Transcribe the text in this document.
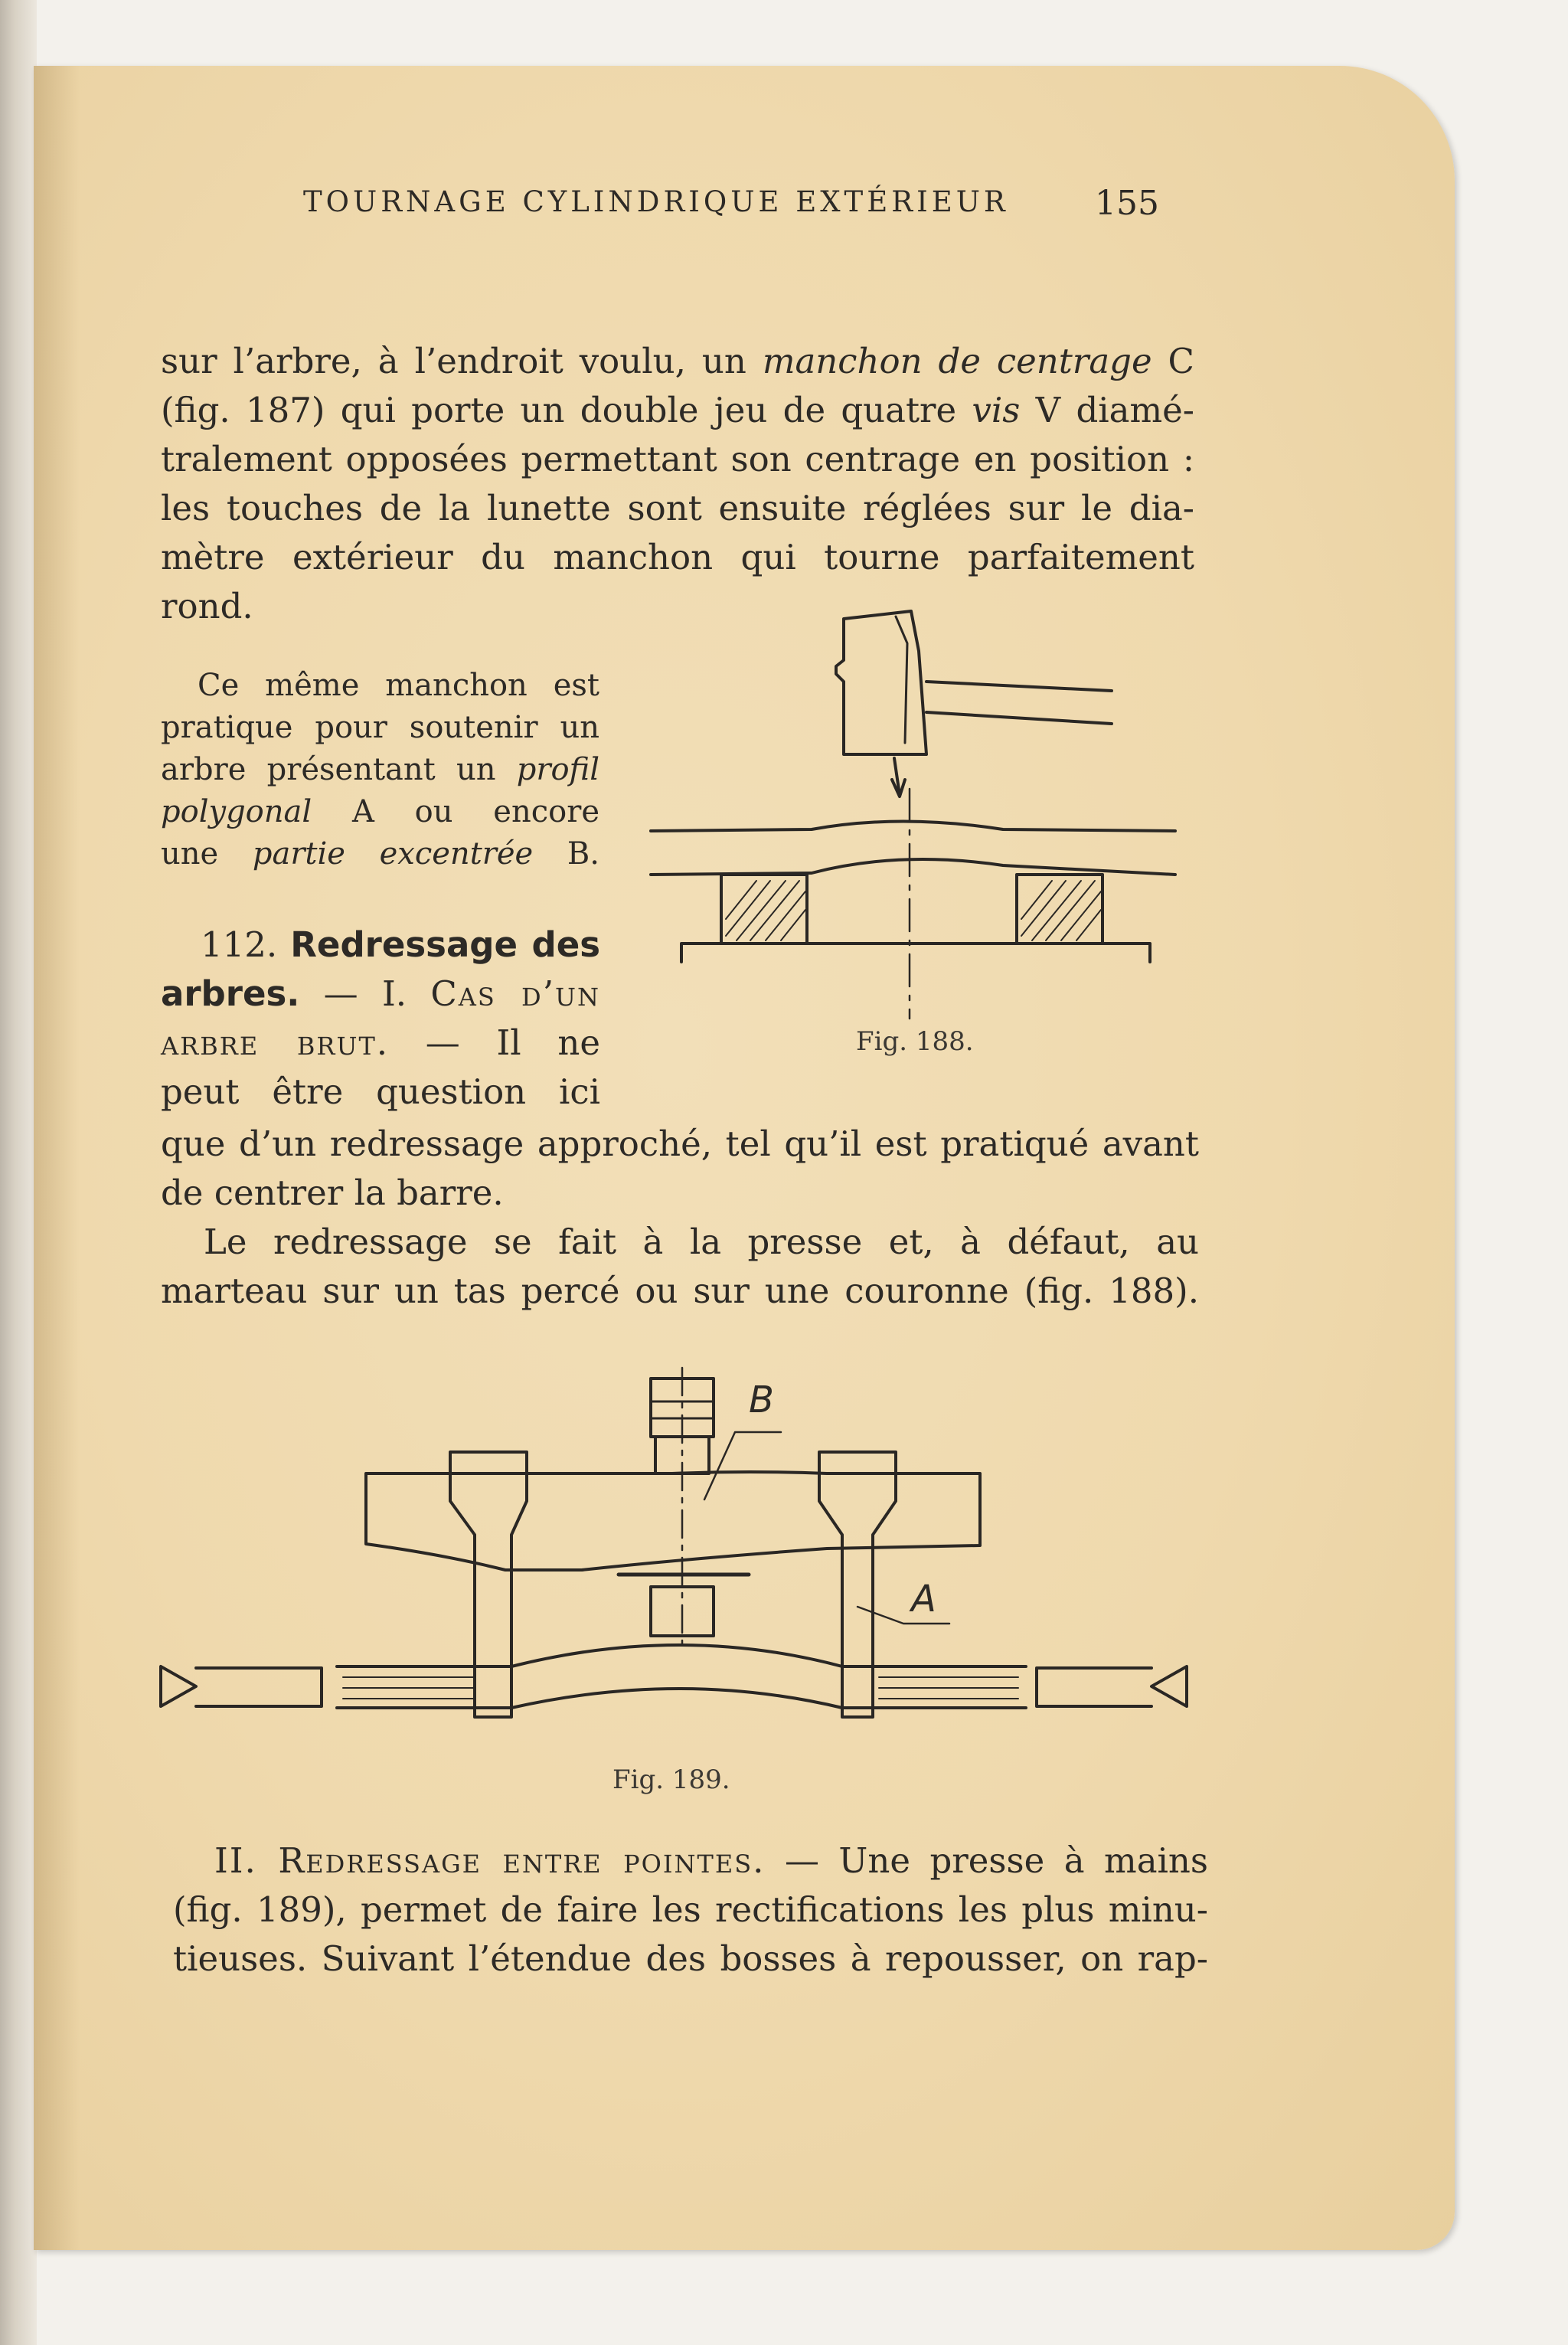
TOURNAGE CYLINDRIQUE EXTÉRIEUR	155

sur l’arbre, à l’endroit voulu, un manchon de centrage C

(fig. 187) qui porte un double jeu de quatre vis V diamé-

tralement opposées permettant son centrage en position :

les touches de la lunette sont ensuite réglées sur le dia-

mètre extérieur du manchon qui tourne parfaitement

rond.

Ce même manchon est

pratique pour soutenir un

arbre présentant un profil

polygonal A ou encore

une partie excentrée B.

112. Redressage des

arbres. — I. Cas d’un

arbre brut. — Il ne

peut être question ici

que d’un redressage approché, tel qu’il est pratiqué avant

de centrer la barre.

Le redressage se fait à la presse et, à défaut, au

marteau sur un tas percé ou sur une couronne (fig. 188).

Fig. 188.

B

A

Fig. 189.

II. Redressage entre pointes. — Une presse à mains

(fig. 189), permet de faire les rectifications les plus minu-

tieuses. Suivant l’étendue des bosses à repousser, on rap-
